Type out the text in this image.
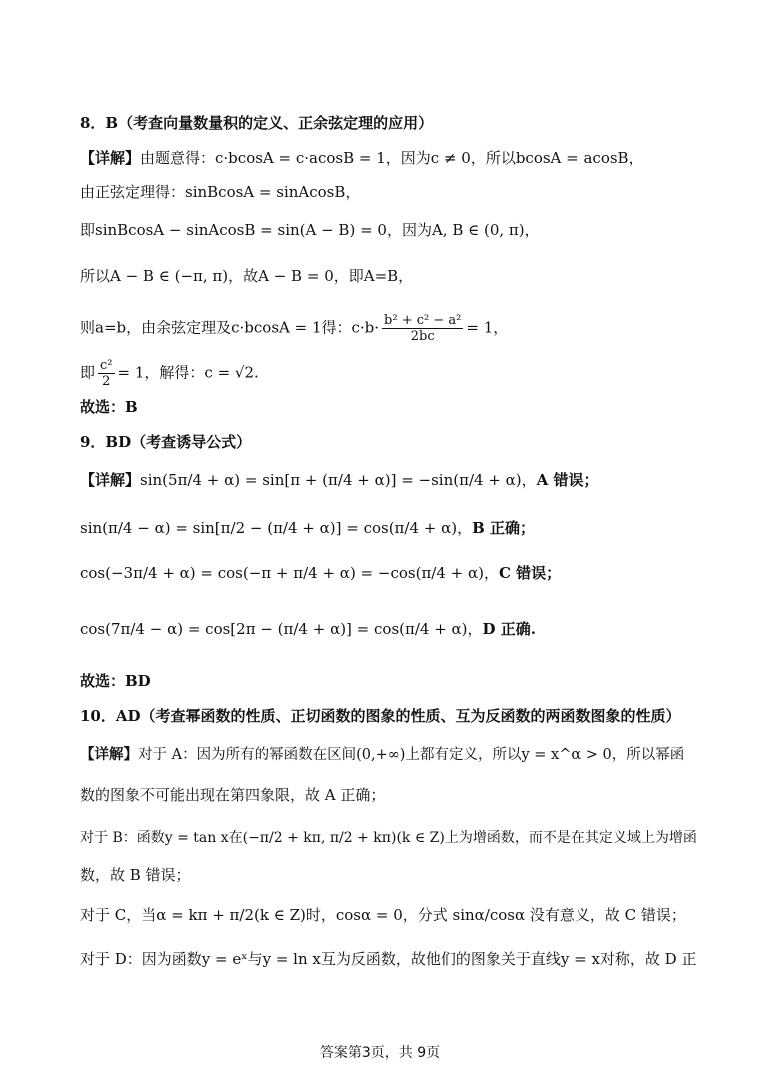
8．B（考查向量数量积的定义、正余弦定理的应用）
【详解】由题意得：c·bcosA = c·acosB = 1，因为c ≠ 0，所以bcosA = acosB，
由正弦定理得：sinBcosA = sinAcosB，
即sinBcosA − sinAcosB = sin(A − B) = 0，因为A, B ∈ (0, π)，
所以A − B ∈ (−π, π)，故A − B = 0，即A=B，
则a=b，由余弦定理及c·bcosA = 1得：$c\cdot b\cdot \frac{\text{b² + c² − a²}}{2bc} = 1$，
即 $\frac{\text{c²}}{2} = 1$，解得：c = √2.
故选：B
9．BD（考查诱导公式）
【详解】sin(5π/4 + α) = sin[π + (π/4 + α)] = −sin(π/4 + α)，A 错误；
sin(π/4 − α) = sin[π/2 − (π/4 + α)] = cos(π/4 + α)，B 正确；
cos(−3π/4 + α) = cos(−π + π/4 + α) = −cos(π/4 + α)，C 错误；
cos(7π/4 − α) = cos[2π − (π/4 + α)] = cos(π/4 + α)，D 正确.
故选：BD
10．AD（考查幂函数的性质、正切函数的图象的性质、互为反函数的两函数图象的性质）
【详解】对于 A：因为所有的幂函数在区间(0,+∞)上都有定义，所以y = x^α > 0，所以幂函
数的图象不可能出现在第四象限，故 A 正确；
对于 B：函数y = tan x在(−π/2 + kπ, π/2 + kπ)(k ∈ Z)上为增函数，而不是在其定义域上为增函
数，故 B 错误；
对于 C，当α = kπ + π/2(k ∈ Z)时，cosα = 0，分式 sinα/cosα 没有意义，故 C 错误；
对于 D：因为函数y = eˣ与y = ln x互为反函数，故他们的图象关于直线y = x对称，故 D 正
答案第3页，共 9页
